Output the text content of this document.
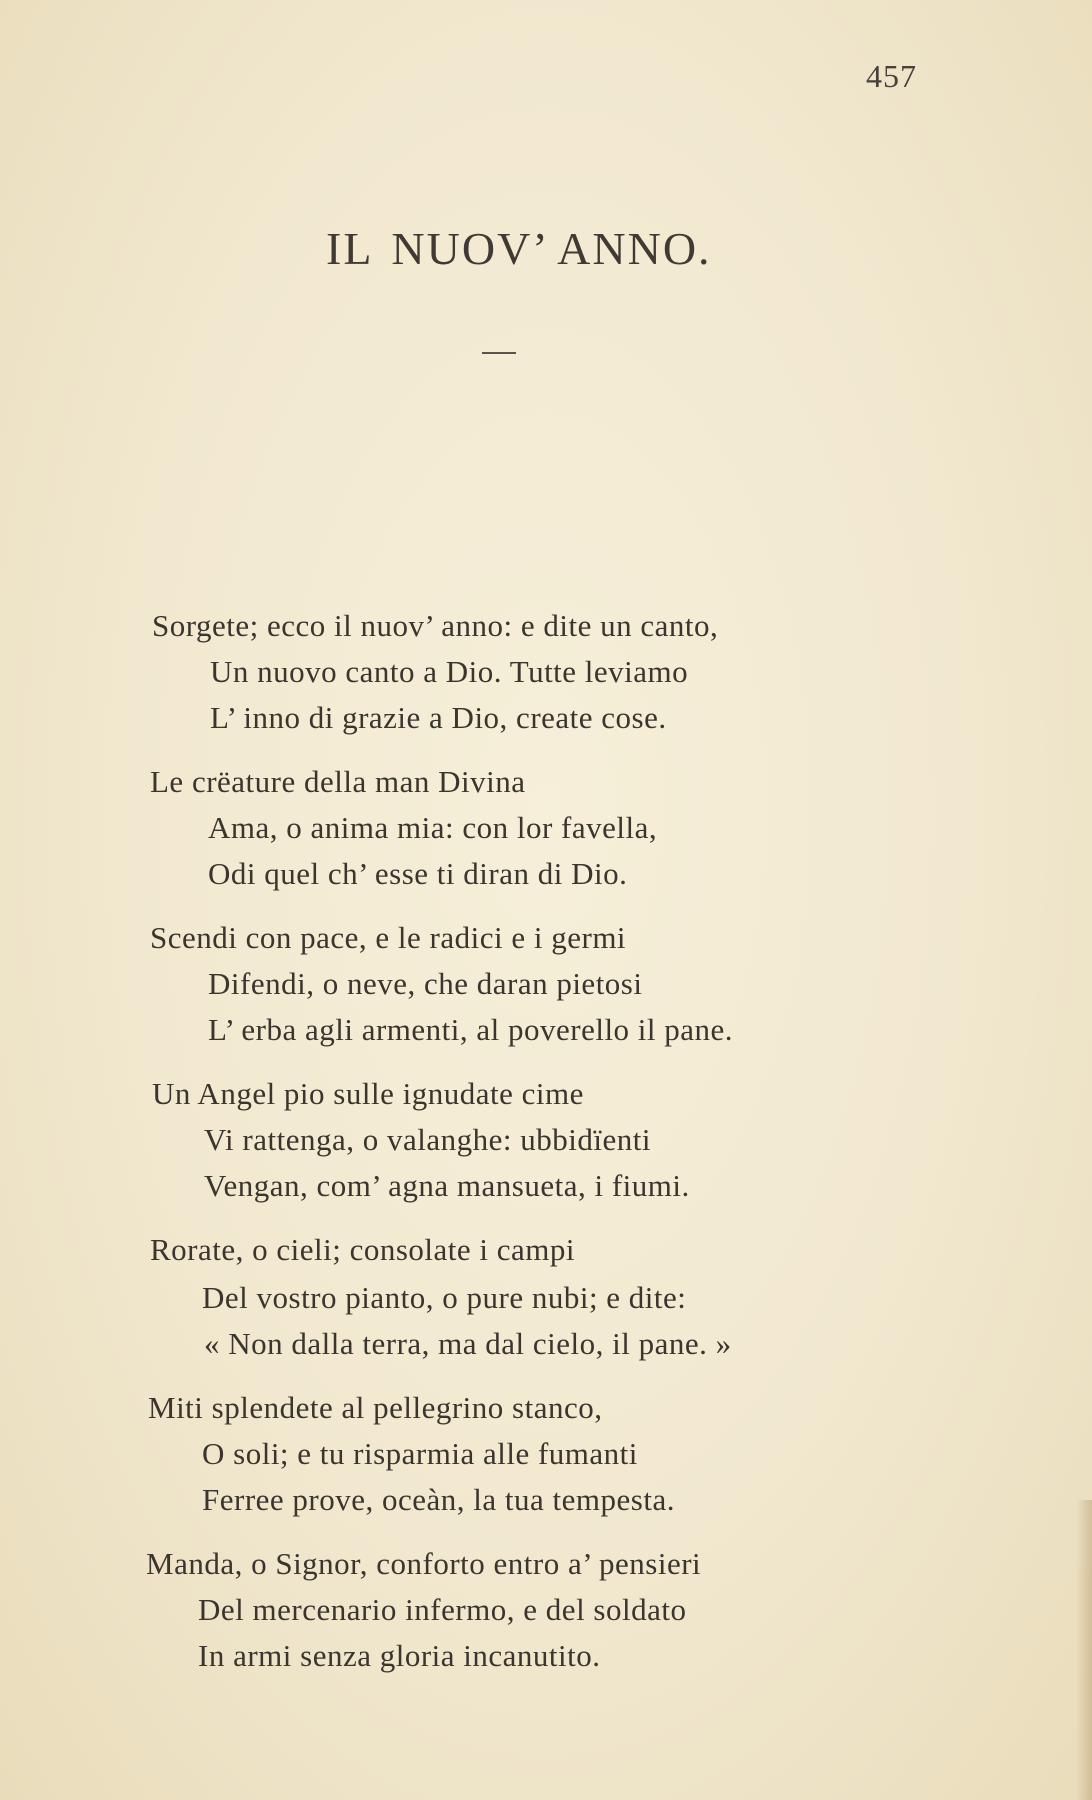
457
IL NUOV’ ANNO.
Sorgete; ecco il nuov’ anno: e dite un canto,
Un nuovo canto a Dio. Tutte leviamo
L’ inno di grazie a Dio, create cose.
Le crëature della man Divina
Ama, o anima mia: con lor favella,
Odi quel ch’ esse ti diran di Dio.
Scendi con pace, e le radici e i germi
Difendi, o neve, che daran pietosi
L’ erba agli armenti, al poverello il pane.
Un Angel pio sulle ignudate cime
Vi rattenga, o valanghe: ubbidïenti
Vengan, com’ agna mansueta, i fiumi.
Rorate, o cieli; consolate i campi
Del vostro pianto, o pure nubi; e dite:
« Non dalla terra, ma dal cielo, il pane. »
Miti splendete al pellegrino stanco,
O soli; e tu risparmia alle fumanti
Ferree prove, oceàn, la tua tempesta.
Manda, o Signor, conforto entro a’ pensieri
Del mercenario infermo, e del soldato
In armi senza gloria incanutito.
